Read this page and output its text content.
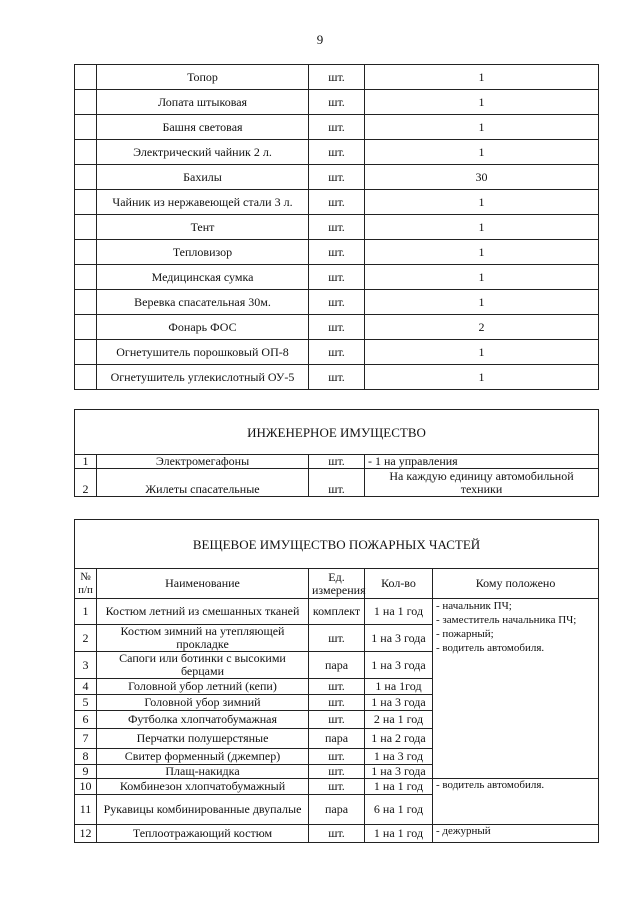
9
	Топор	шт.	1
	Лопата штыковая	шт.	1
	Башня световая	шт.	1
	Электрический чайник 2 л.	шт.	1
	Бахилы	шт.	30
	Чайник из нержавеющей стали 3 л.	шт.	1
	Тент	шт.	1
	Тепловизор	шт.	1
	Медицинская сумка	шт.	1
	Веревка спасательная 30м.	шт.	1
	Фонарь ФОС	шт.	2
	Огнетушитель порошковый ОП-8	шт.	1
	Огнетушитель углекислотный ОУ-5	шт.	1
ИНЖЕНЕРНОЕ ИМУЩЕСТВО			
1	Электромегафоны	шт.	- 1 на управления
2	Жилеты спасательные	шт.	На каждую единицу автомобильной техники
ВЕЩЕВОЕ ИМУЩЕСТВО ПОЖАРНЫХ ЧАСТЕЙ				
№ п/п	Наименование	Ед. измерения	Кол-во	Кому положено
1	Костюм летний из смешанных тканей	комплект	1 на 1 год	- начальник ПЧ;
- заместитель начальника ПЧ;
- пожарный;
- водитель автомобиля.

2	Костюм зимний на утепляющей прокладке	шт.	1 на 3 года	
3	Сапоги или ботинки с высокими берцами	пара	1 на 3 года	
4	Головной убор летний (кепи)	шт.	1 на 1год	
5	Головной убор зимний	шт.	1 на 3 года	
6	Футболка хлопчатобумажная	шт.	2 на 1 год	
7	Перчатки полушерстяные	пара	1 на 2 года	
8	Свитер форменный (джемпер)	шт.	1 на 3 год	
9	Плащ-накидка	шт.	1 на 3 года	
10	Комбинезон хлопчатобумажный	шт.	1 на 1 год	- водитель автомобиля.
11	Рукавицы комбинированные двупалые	пара	6 на 1 год	
12	Теплоотражающий костюм	шт.	1 на 1 год	- дежурный
